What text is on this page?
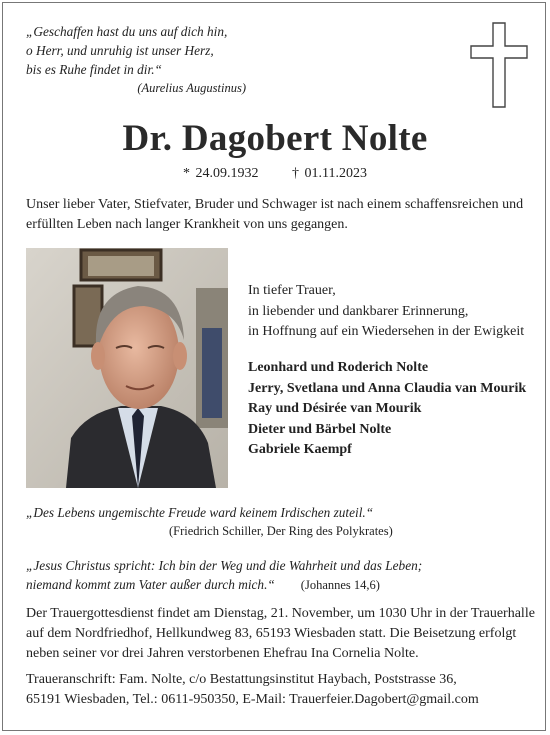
„Geschaffen hast du uns auf dich hin,
o Herr, und unruhig ist unser Herz,
bis es Ruhe findet in dir.“
(Aurelius Augustinus)
Dr. Dagobert Nolte
* 24.09.1932 † 01.11.2023
Unser lieber Vater, Stiefvater, Bruder und Schwager ist nach einem schaffensreichen und erfüllten Leben nach langer Krankheit von uns gegangen.
In tiefer Trauer,
in liebender und dankbarer Erinnerung,
in Hoffnung auf ein Wiedersehen in der Ewigkeit
Leonhard und Roderich Nolte
Jerry, Svetlana und Anna Claudia van Mourik
Ray und Désirée van Mourik
Dieter und Bärbel Nolte
Gabriele Kaempf
„Des Lebens ungemischte Freude ward keinem Irdischen zuteil.“
(Friedrich Schiller, Der Ring des Polykrates)
„Jesus Christus spricht: Ich bin der Weg und die Wahrheit und das Leben;
niemand kommt zum Vater außer durch mich.“ (Johannes 14,6)
Der Trauergottesdienst findet am Dienstag, 21. November, um 1030 Uhr in der Trauerhalle
auf dem Nordfriedhof, Hellkundweg 83, 65193 Wiesbaden statt. Die Beisetzung erfolgt
neben seiner vor drei Jahren verstorbenen Ehefrau Ina Cornelia Nolte.
Traueranschrift: Fam. Nolte, c/o Bestattungsinstitut Haybach, Poststrasse 36,
65191 Wiesbaden, Tel.: 0611-950350, E-Mail: Trauerfeier.Dagobert@gmail.com
